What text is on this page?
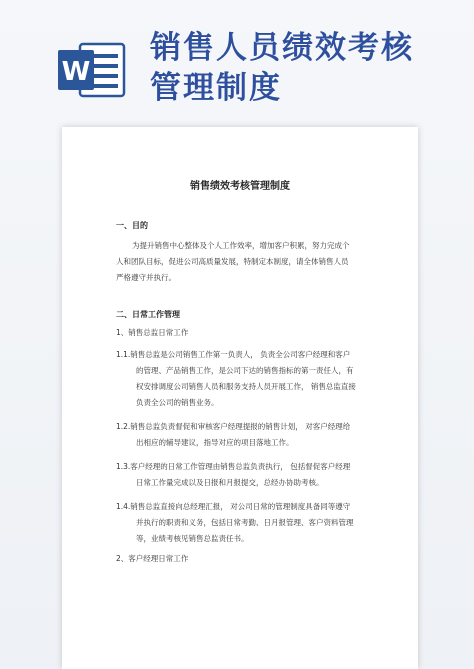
W
销售人员绩效考核
管理制度
销售绩效考核管理制度
一、目的
为提升销售中心整体及个人工作效率，增加客户积累，努力完成个
人和团队目标，促进公司高质量发展，特制定本制度，请全体销售人员
严格遵守并执行。
二、日常工作管理
1、销售总监日常工作
1.1.销售总监是公司销售工作第一负责人， 负责全公司客户经理和客户
的管理、产品销售工作，是公司下达的销售指标的第一责任人，有
权安排调度公司销售人员和服务支持人员开展工作， 销售总监直接
负责全公司的销售业务。
1.2.销售总监负责督促和审核客户经理提报的销售计划， 对客户经理给
出相应的辅导建议，指导对应的项目落地工作。
1.3.客户经理的日常工作管理由销售总监负责执行， 包括督促客户经理
日常工作量完成以及日报和月报提交，总经办协助考核。
1.4.销售总监直接向总经理汇报， 对公司日常的管理制度具备同等遵守
并执行的职责和义务，包括日常考勤、日月报管理、客户资料管理
等，业绩考核见销售总监责任书。
2、客户经理日常工作
